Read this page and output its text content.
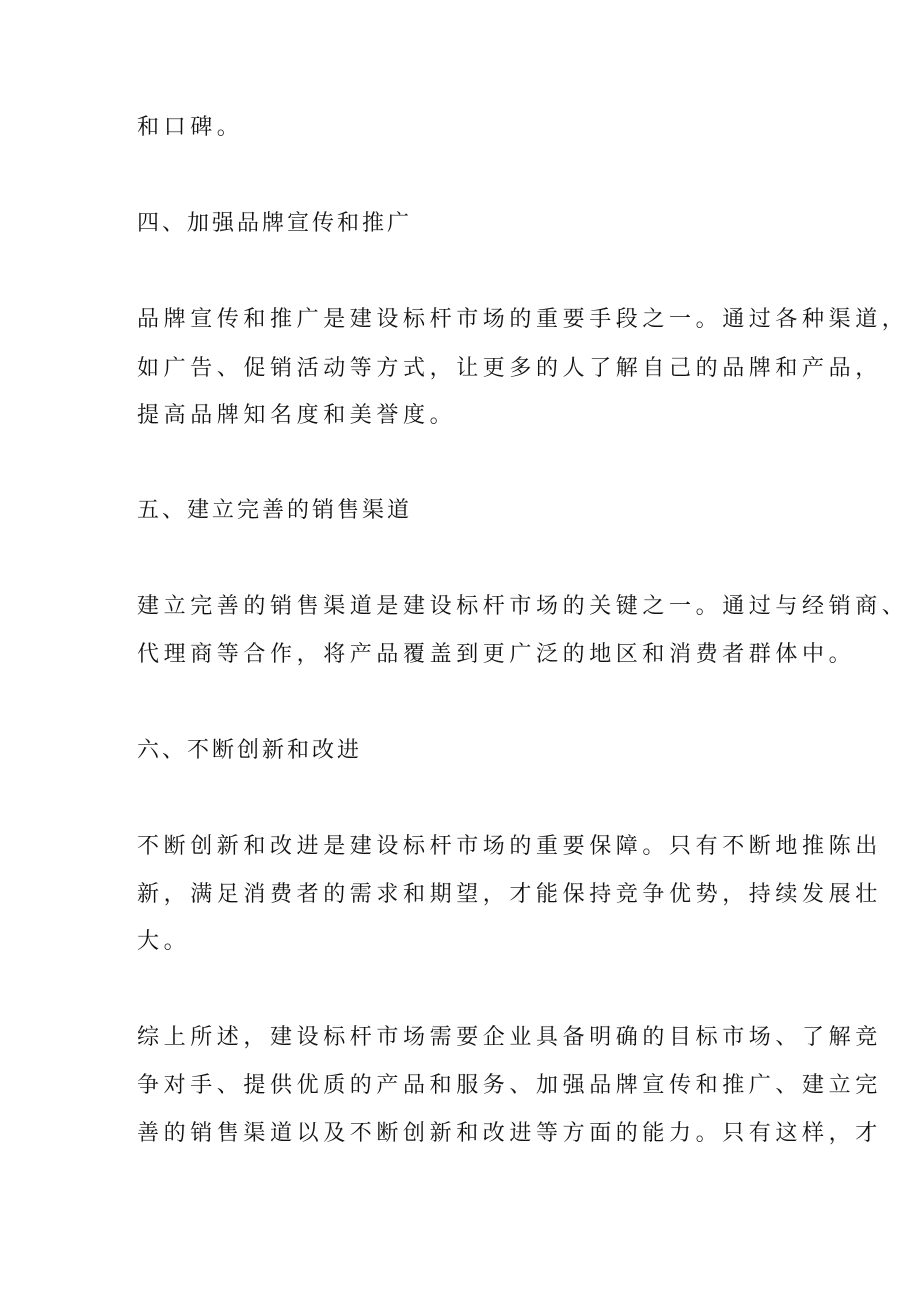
和口碑。

四、加强品牌宣传和推广

品牌宣传和推广是建设标杆市场的重要手段之一。通过各种渠道，

如广告、促销活动等方式，让更多的人了解自己的品牌和产品，

提高品牌知名度和美誉度。

五、建立完善的销售渠道

建立完善的销售渠道是建设标杆市场的关键之一。通过与经销商、

代理商等合作，将产品覆盖到更广泛的地区和消费者群体中。

六、不断创新和改进

不断创新和改进是建设标杆市场的重要保障。只有不断地推陈出

新，满足消费者的需求和期望，才能保持竞争优势，持续发展壮

大。

综上所述，建设标杆市场需要企业具备明确的目标市场、了解竞

争对手、提供优质的产品和服务、加强品牌宣传和推广、建立完

善的销售渠道以及不断创新和改进等方面的能力。只有这样，才
